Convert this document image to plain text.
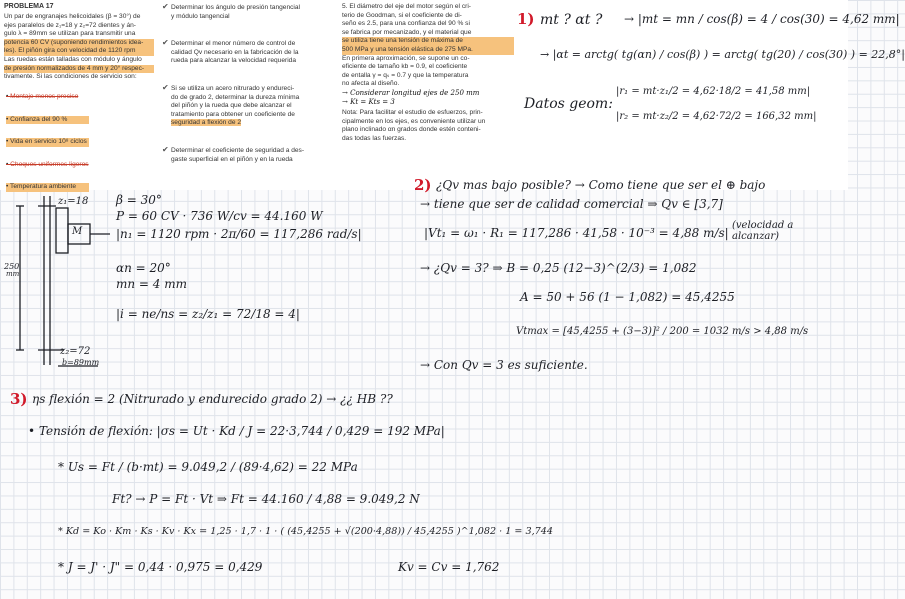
PROBLEMA 17
Un par de engranajes helicoidales (β = 30°) de
ejes paralelos de z₁=18 y z₂=72 dientes y án-
gulo λ = 89mm se utilizan para transmitir una
potencia 60 CV (suponiendo rendimientos idea-
les). El piñón gira con velocidad de 1120 rpm
Las ruedas están talladas con módulo y ángulo
de presión normalizados de 4 mm y 20° respec-
tivamente. Si las condiciones de servicio son:
• Montaje menos preciso
• Confianza del 90 %
• Vida en servicio 10⁸ ciclos
• Choques uniformes ligeros
• Temperatura ambiente
✔ Determinar los ángulo de presión tangencial
y módulo tangencial
✔ Determinar el menor número de control de
calidad Qv necesario en la fabricación de la
rueda para alcanzar la velocidad requerida
✔ Si se utiliza un acero nitrurado y endureci-
do de grado 2, determinar la dureza mínima
del piñón y la rueda que debe alcanzar el
tratamiento para obtener un coeficiente de
seguridad a flexión de 2
✔ Determinar el coeficiente de seguridad a des-
gaste superficial en el piñón y en la rueda
5. El diámetro del eje del motor según el cri-
terio de Goodman, si el coeficiente de di-
seño es 2.5, para una confianza del 90 % si
se fabrica por mecanizado, y el material que
se utiliza tiene una tensión de máxima de
500 MPa y una tensión elástica de 275 MPa.
En primera aproximación, se supone un co-
eficiente de tamaño kb = 0.9, el coeficiente
de entalla γ = qₛ = 0.7 y que la temperatura
no afecta al diseño.
→ Considerar longitud ejes de 250 mm
→ Kt = Kts = 3
Nota: Para facilitar el estudio de esfuerzos, prin-
cipalmente en los ejes, es conveniente utilizar un
plano inclinado αn grados donde estén conteni-
das todas las fuerzas.
1) mt ? αt ? → |mt = mn / cos(β) = 4 / cos(30) = 4,62 mm|
→ |αt = arctg( tg(αn) / cos(β) ) = arctg( tg(20) / cos(30) ) = 22,8°|
Datos geom:
|r₁ = mt·z₁/2 = 4,62·18/2 = 41,58 mm|
|r₂ = mt·z₂/2 = 4,62·72/2 = 166,32 mm|
z₁=18
M
250
mm
z₂=72
b=89mm
β = 30°
P = 60 CV · 736 W/cv = 44.160 W
|n₁ = 1120 rpm · 2π/60 = 117,286 rad/s|
αn = 20°
mn = 4 mm
|i = ne/ns = z₂/z₁ = 72/18 = 4|
2) ¿Qv mas bajo posible? → Como tiene que ser el ⊕ bajo
→ tiene que ser de calidad comercial ⇒ Qv ∈ [3,7]
|Vt₁ = ω₁ · R₁ = 117,286 · 41,58 · 10⁻³ = 4,88 m/s|
(velocidad a alcanzar)
→ ¿Qv = 3? ⇒ B = 0,25 (12−3)^(2/3) = 1,082
A = 50 + 56 (1 − 1,082) = 45,4255
Vtmax = [45,4255 + (3−3)]² / 200 = 1032 m/s > 4,88 m/s
→ Con Qv = 3 es suficiente.
3) ηs flexión = 2 (Nitrurado y endurecido grado 2) → ¿¿ HB ??
• Tensión de flexión: |σs = Ut · Kd / J = 22·3,744 / 0,429 = 192 MPa|
* Us = Ft / (b·mt) = 9.049,2 / (89·4,62) = 22 MPa
Ft? → P = Ft · Vt ⇒ Ft = 44.160 / 4,88 = 9.049,2 N
* Kd = Ko · Km · Ks · Kv · Kx = 1,25 · 1,7 · 1 · ( (45,4255 + √(200·4,88)) / 45,4255 )^1,082 · 1 = 3,744
* J = J' · J" = 0,44 · 0,975 = 0,429	Kv = Cv = 1,762
